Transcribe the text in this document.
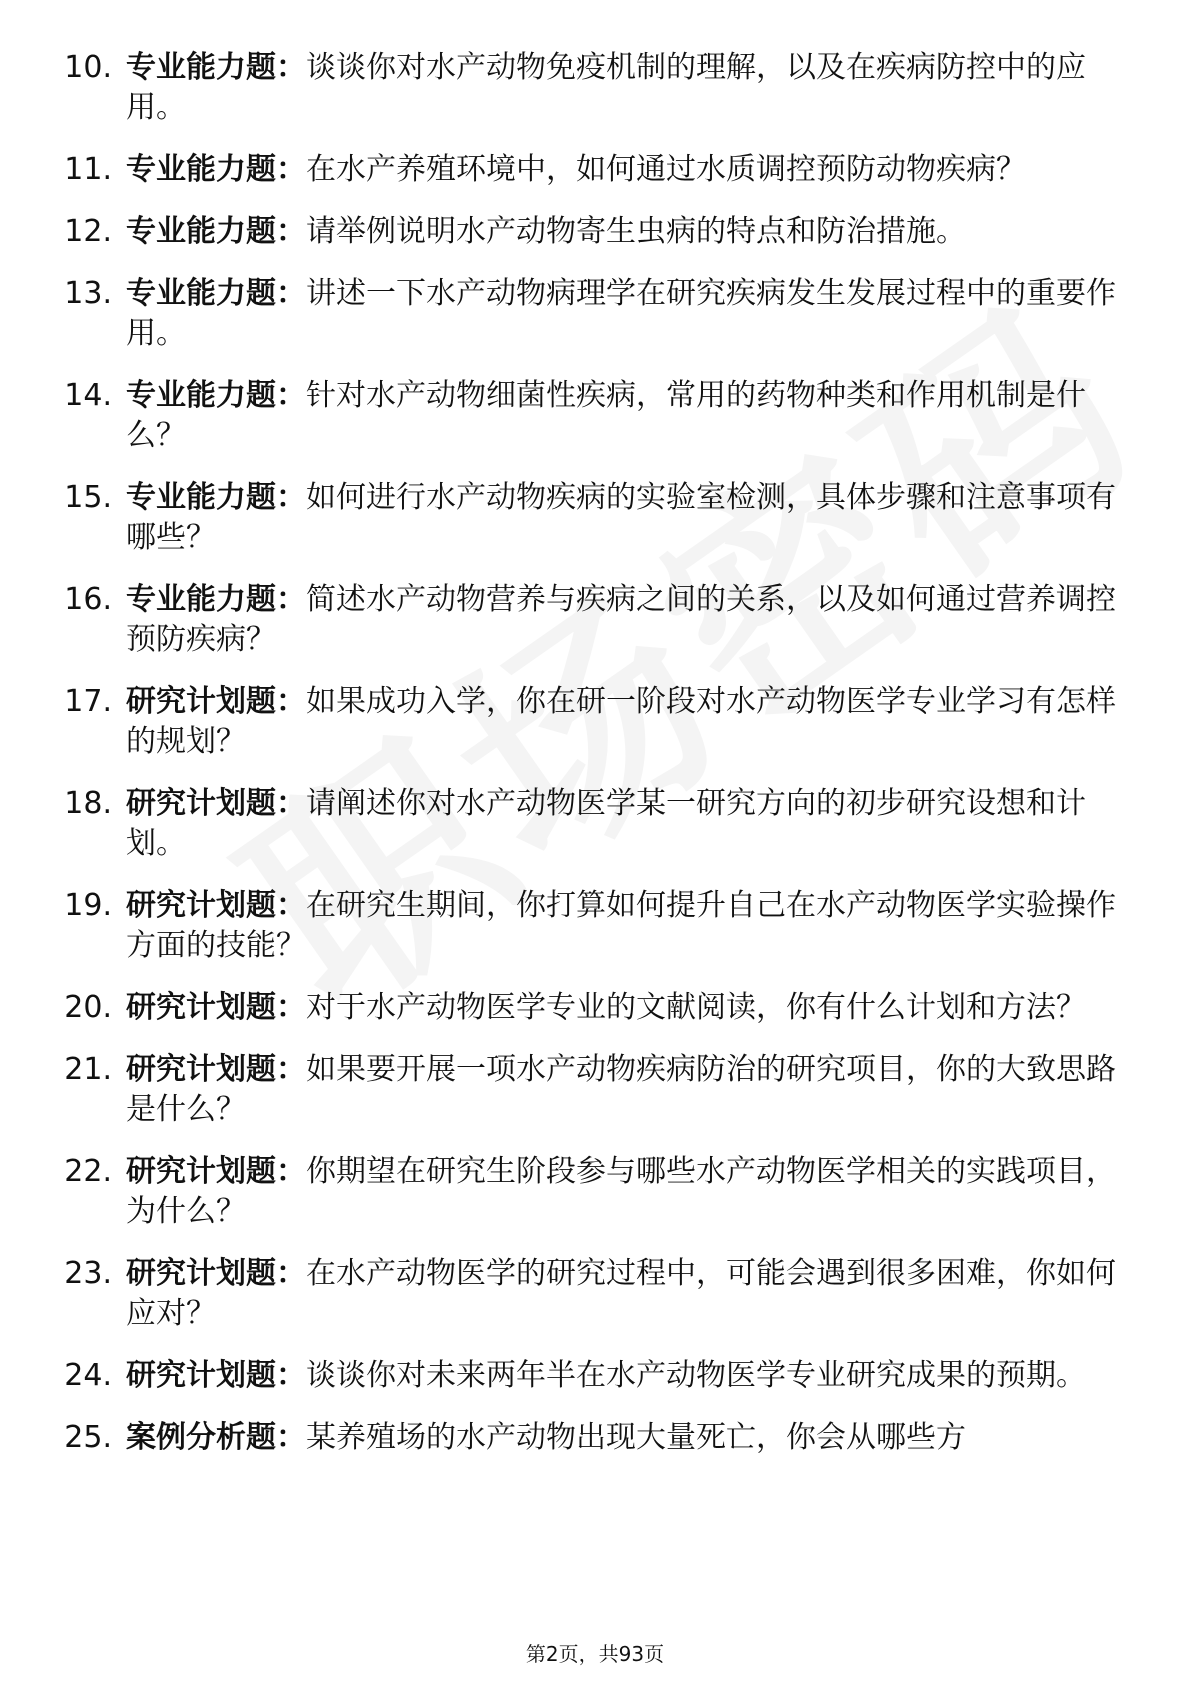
10. 专业能力题：谈谈你对水产动物免疫机制的理解，以及在疾病防控中的应用。
11. 专业能力题：在水产养殖环境中，如何通过水质调控预防动物疾病？
12. 专业能力题：请举例说明水产动物寄生虫病的特点和防治措施。
13. 专业能力题：讲述一下水产动物病理学在研究疾病发生发展过程中的重要作用。
14. 专业能力题：针对水产动物细菌性疾病，常用的药物种类和作用机制是什么？
15. 专业能力题：如何进行水产动物疾病的实验室检测，具体步骤和注意事项有哪些？
16. 专业能力题：简述水产动物营养与疾病之间的关系，以及如何通过营养调控预防疾病？
17. 研究计划题：如果成功入学，你在研一阶段对水产动物医学专业学习有怎样的规划？
18. 研究计划题：请阐述你对水产动物医学某一研究方向的初步研究设想和计划。
19. 研究计划题：在研究生期间，你打算如何提升自己在水产动物医学实验操作方面的技能？
20. 研究计划题：对于水产动物医学专业的文献阅读，你有什么计划和方法？
21. 研究计划题：如果要开展一项水产动物疾病防治的研究项目，你的大致思路是什么？
22. 研究计划题：你期望在研究生阶段参与哪些水产动物医学相关的实践项目，为什么？
23. 研究计划题：在水产动物医学的研究过程中，可能会遇到很多困难，你如何应对？
24. 研究计划题：谈谈你对未来两年半在水产动物医学专业研究成果的预期。
25. 案例分析题：某养殖场的水产动物出现大量死亡，你会从哪些方
第2页，共93页
